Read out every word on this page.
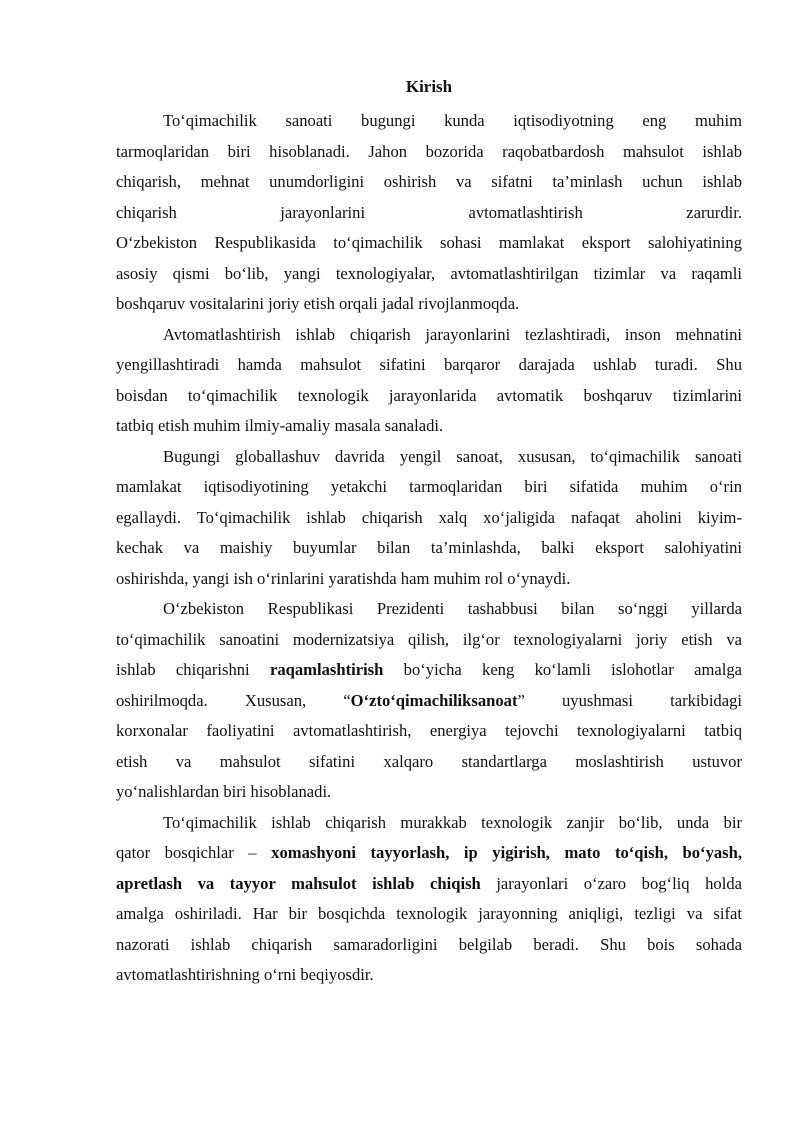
Kirish
To‘qimachilik sanoati bugungi kunda iqtisodiyotning eng muhim
tarmoqlaridan biri hisoblanadi. Jahon bozorida raqobatbardosh mahsulot ishlab
chiqarish, mehnat unumdorligini oshirish va sifatni ta’minlash uchun ishlab
chiqarish jarayonlarini avtomatlashtirish zarurdir.
O‘zbekiston Respublikasida to‘qimachilik sohasi mamlakat eksport salohiyatining
asosiy qismi bo‘lib, yangi texnologiyalar, avtomatlashtirilgan tizimlar va raqamli
boshqaruv vositalarini joriy etish orqali jadal rivojlanmoqda.
Avtomatlashtirish ishlab chiqarish jarayonlarini tezlashtiradi, inson mehnatini
yengillashtiradi hamda mahsulot sifatini barqaror darajada ushlab turadi. Shu
boisdan to‘qimachilik texnologik jarayonlarida avtomatik boshqaruv tizimlarini
tatbiq etish muhim ilmiy-amaliy masala sanaladi.
Bugungi globallashuv davrida yengil sanoat, xususan, to‘qimachilik sanoati
mamlakat iqtisodiyotining yetakchi tarmoqlaridan biri sifatida muhim o‘rin
egallaydi. To‘qimachilik ishlab chiqarish xalq xo‘jaligida nafaqat aholini kiyim-
kechak va maishiy buyumlar bilan ta’minlashda, balki eksport salohiyatini
oshirishda, yangi ish o‘rinlarini yaratishda ham muhim rol o‘ynaydi.
O‘zbekiston Respublikasi Prezidenti tashabbusi bilan so‘nggi yillarda
to‘qimachilik sanoatini modernizatsiya qilish, ilg‘or texnologiyalarni joriy etish va
ishlab chiqarishni raqamlashtirish bo‘yicha keng ko‘lamli islohotlar amalga
oshirilmoqda. Xususan, “O‘zto‘qimachiliksanoat” uyushmasi tarkibidagi
korxonalar faoliyatini avtomatlashtirish, energiya tejovchi texnologiyalarni tatbiq
etish va mahsulot sifatini xalqaro standartlarga moslashtirish ustuvor
yo‘nalishlardan biri hisoblanadi.
To‘qimachilik ishlab chiqarish murakkab texnologik zanjir bo‘lib, unda bir
qator bosqichlar – xomashyoni tayyorlash, ip yigirish, mato to‘qish, bo‘yash,
apretlash va tayyor mahsulot ishlab chiqish jarayonlari o‘zaro bog‘liq holda
amalga oshiriladi. Har bir bosqichda texnologik jarayonning aniqligi, tezligi va sifat
nazorati ishlab chiqarish samaradorligini belgilab beradi. Shu bois sohada
avtomatlashtirishning o‘rni beqiyosdir.
